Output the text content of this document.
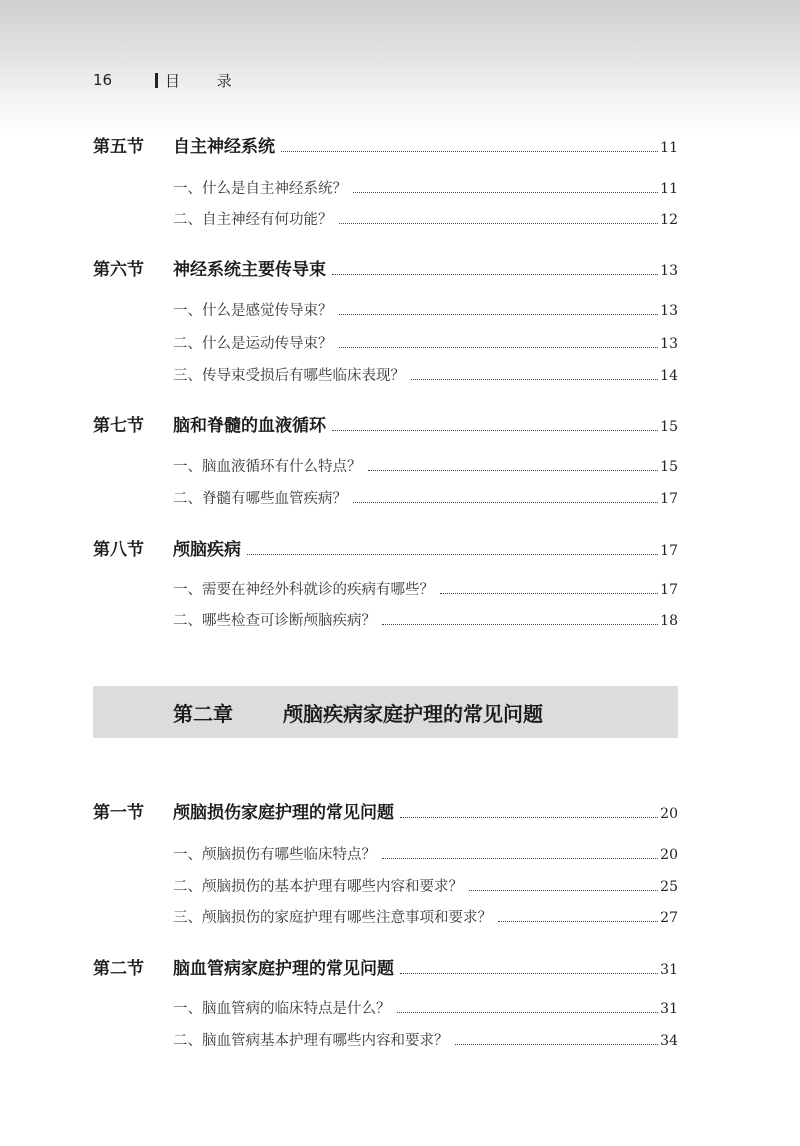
16	目 录
第五节	自主神经系统	11
一、什么是自主神经系统？	11
二、自主神经有何功能？	12
第六节	神经系统主要传导束	13
一、什么是感觉传导束？	13
二、什么是运动传导束？	13
三、传导束受损后有哪些临床表现？	14
第七节	脑和脊髓的血液循环	15
一、脑血液循环有什么特点？	15
二、脊髓有哪些血管疾病？	17
第八节	颅脑疾病	17
一、需要在神经外科就诊的疾病有哪些？	17
二、哪些检查可诊断颅脑疾病？	18
第二章	颅脑疾病家庭护理的常见问题
第一节	颅脑损伤家庭护理的常见问题	20
一、颅脑损伤有哪些临床特点？	20
二、颅脑损伤的基本护理有哪些内容和要求？	25
三、颅脑损伤的家庭护理有哪些注意事项和要求？	27
第二节	脑血管病家庭护理的常见问题	31
一、脑血管病的临床特点是什么？	31
二、脑血管病基本护理有哪些内容和要求？	34
